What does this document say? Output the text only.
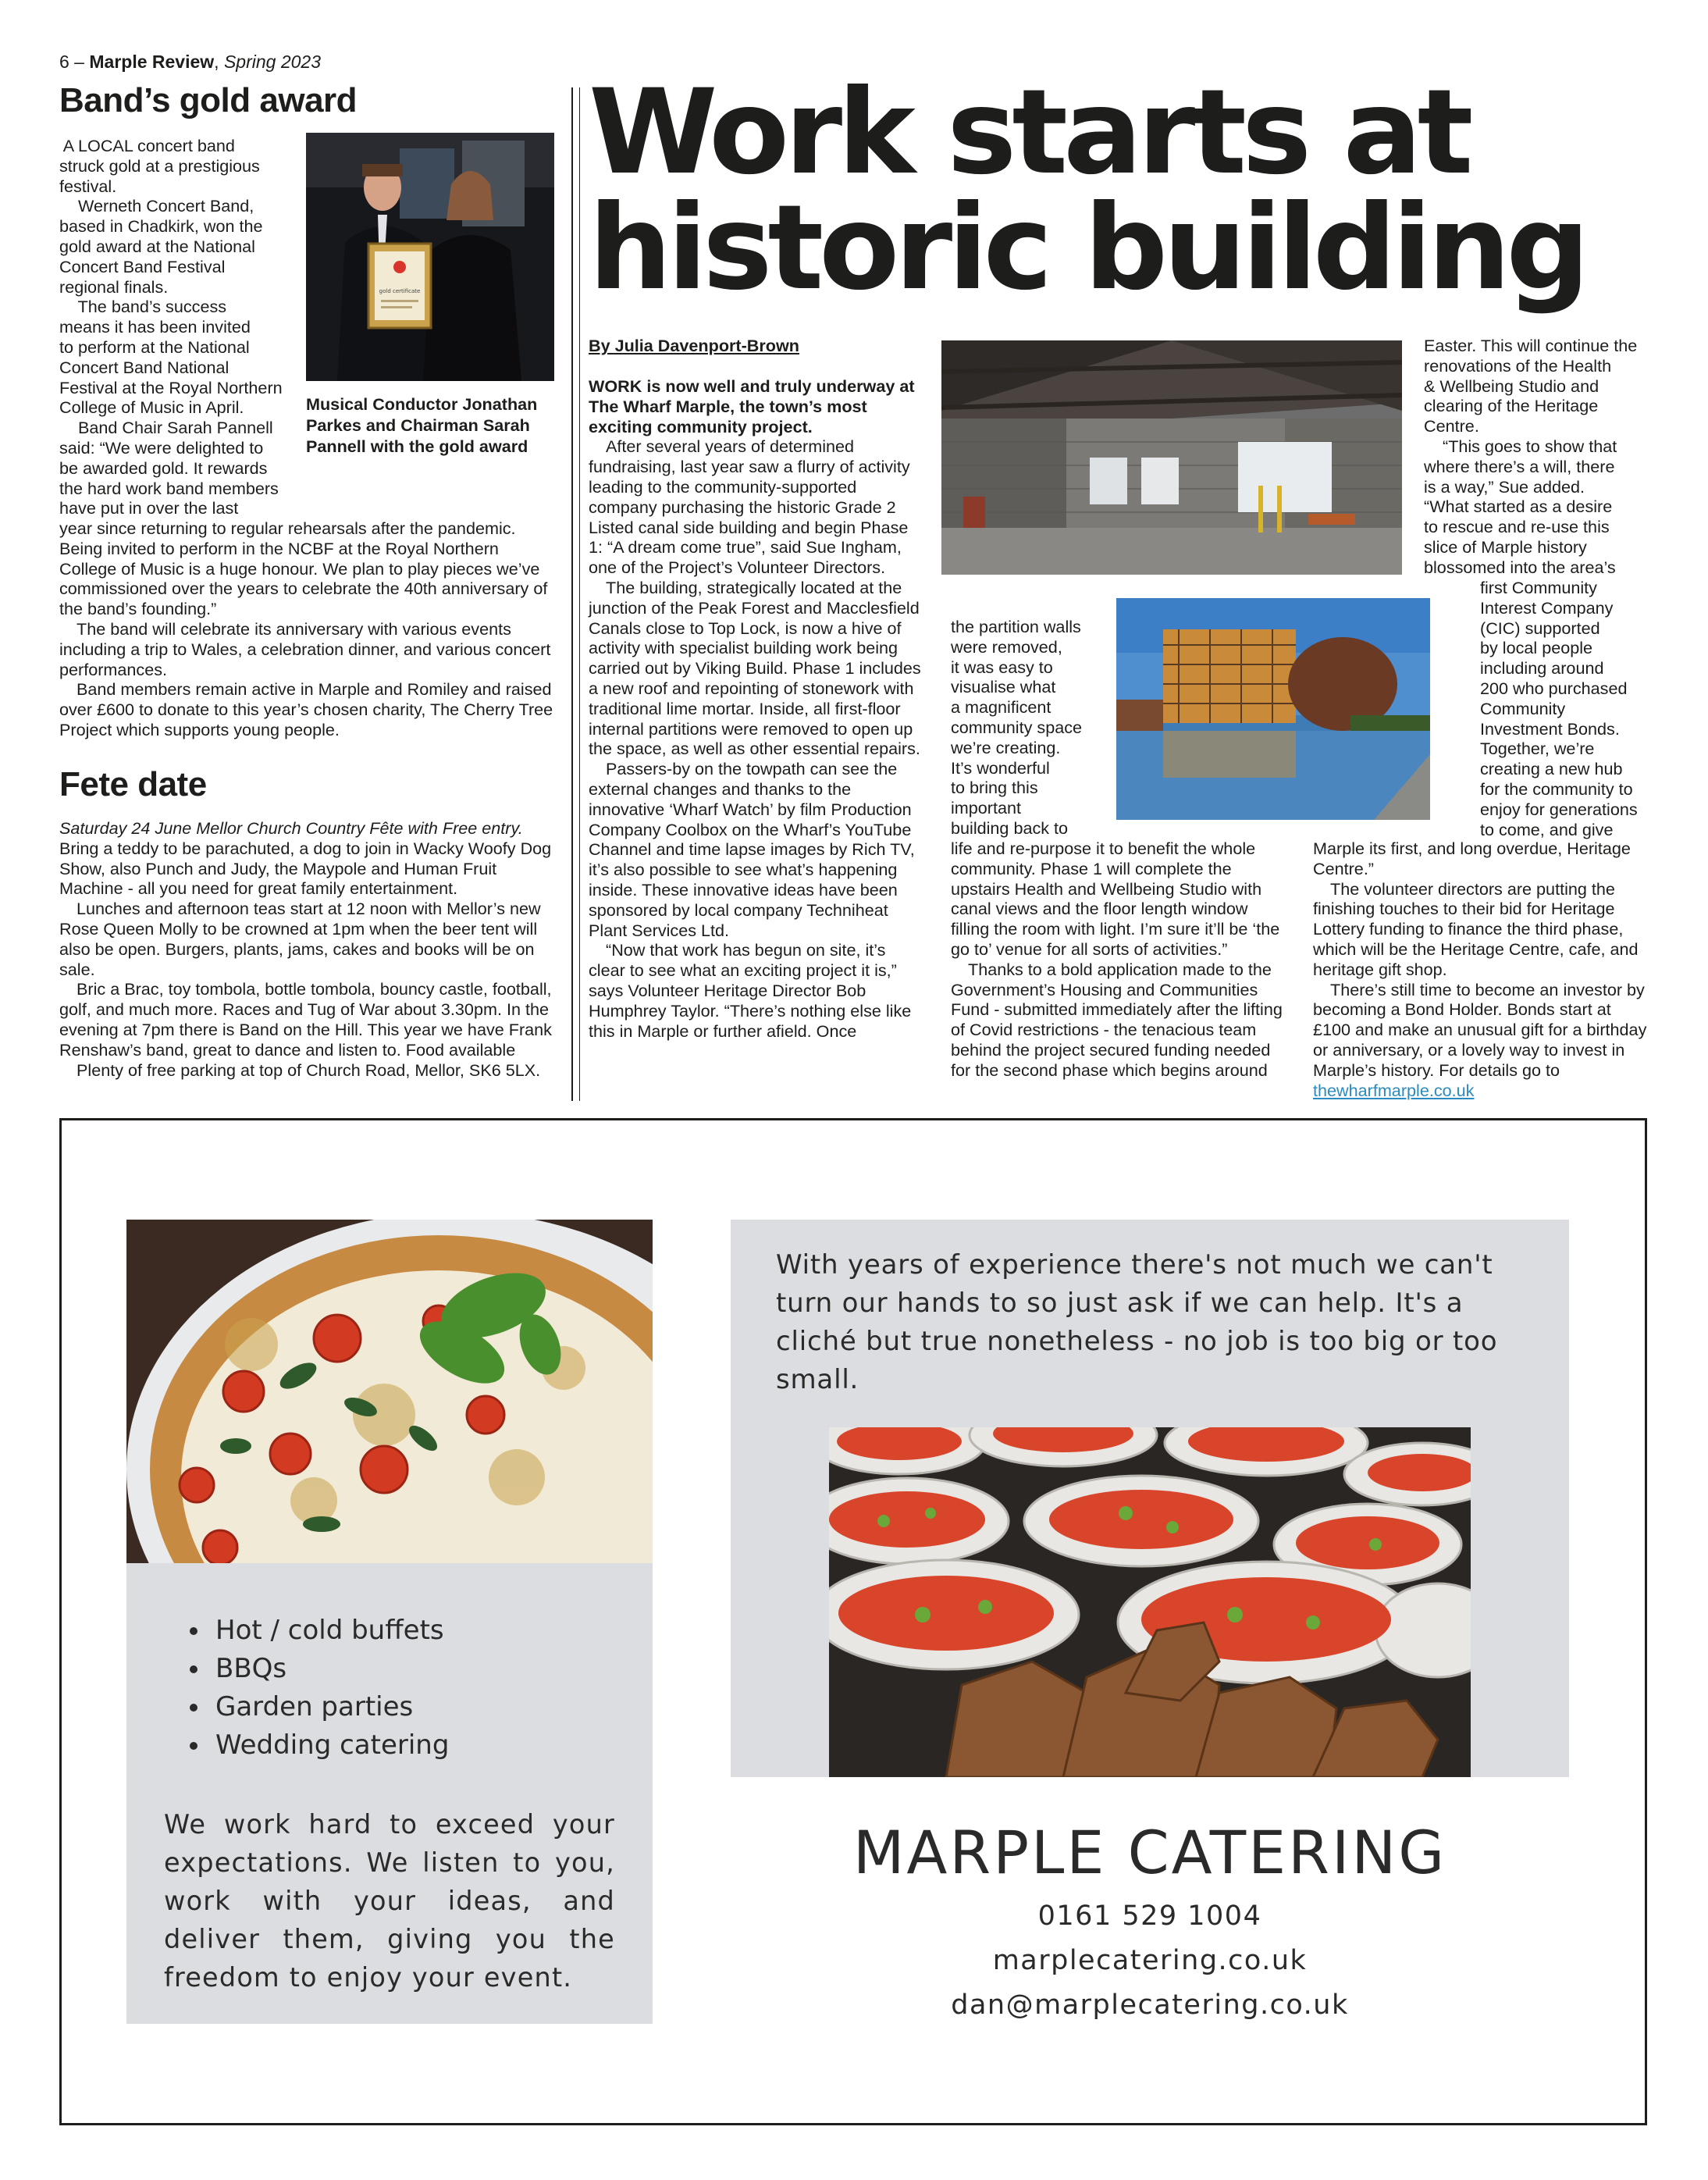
6 – Marple Review, Spring 2023
Band’s gold award
A LOCAL concert band
struck gold at a prestigious
festival.
Werneth Concert Band,
based in Chadkirk, won the
gold award at the National
Concert Band Festival
regional finals.
The band’s success
means it has been invited
to perform at the National
Concert Band National
Festival at the Royal Northern
College of Music in April.
Band Chair Sarah Pannell
said: “We were delighted to
be awarded gold. It rewards
the hard work band members
have put in over the last
gold certificate
Musical Conductor Jonathan Parkes and Chairman Sarah Pannell with the gold award

year since returning to regular rehearsals after the pandemic. Being invited to perform in the NCBF at the Royal Northern College of Music is a huge honour. We plan to play pieces we’ve commissioned over the years to celebrate the 40th anniversary of the band’s founding.”

The band will celebrate its anniversary with various events including a trip to Wales, a celebration dinner, and various concert performances.

Band members remain active in Marple and Romiley and raised over £600 to donate to this year’s chosen charity, The Cherry Tree Project which supports young people.

Fete date

Saturday 24 June Mellor Church Country Fête with Free entry.

Bring a teddy to be parachuted, a dog to join in Wacky Woofy Dog Show, also Punch and Judy, the Maypole and Human Fruit Machine - all you need for great family entertainment.

Lunches and afternoon teas start at 12 noon with Mellor’s new Rose Queen Molly to be crowned at 1pm when the beer tent will also be open. Burgers, plants, jams, cakes and books will be on sale.

Bric a Brac, toy tombola, bottle tombola, bouncy castle, football, golf, and much more. Races and Tug of War about 3.30pm. In the evening at 7pm there is Band on the Hill. This year we have Frank Renshaw’s band, great to dance and listen to. Food available

Plenty of free parking at top of Church Road, Mellor, SK6 5LX.

Work starts at
historic building
By Julia Davenport-Brown

WORK is now well and truly underway at The Wharf Marple, the town’s most exciting community project.

After several years of determined fundraising, last year saw a flurry of activity leading to the community-supported company purchasing the historic Grade 2 Listed canal side building and begin Phase 1: “A dream come true”, said Sue Ingham, one of the Project’s Volunteer Directors.

The building, strategically located at the junction of the Peak Forest and Macclesfield Canals close to Top Lock, is now a hive of activity with specialist building work being carried out by Viking Build. Phase 1 includes a new roof and repointing of stonework with traditional lime mortar. Inside, all first-floor internal partitions were removed to open up the space, as well as other essential repairs.

Passers-by on the towpath can see the external changes and thanks to the innovative ‘Wharf Watch’ by film Production Company Coolbox on the Wharf’s YouTube Channel and time lapse images by Rich TV, it’s also possible to see what’s happening inside. These innovative ideas have been sponsored by local company Techniheat Plant Services Ltd.

“Now that work has begun on site, it’s clear to see what an exciting project it is,” says Volunteer Heritage Director Bob Humphrey Taylor. “There’s nothing else like this in Marple or further afield. Once

the partition walls
were removed,
it was easy to
visualise what
a magnificent
community space
we’re creating.
It’s wonderful
to bring this
important
building back to

life and re-purpose it to benefit the whole community. Phase 1 will complete the upstairs Health and Wellbeing Studio with canal views and the floor length window filling the room with light. I’m sure it’ll be ‘the go to’ venue for all sorts of activities.”

Thanks to a bold application made to the Government’s Housing and Communities Fund - submitted immediately after the lifting of Covid restrictions - the tenacious team behind the project secured funding needed for the second phase which begins around

Easter. This will continue the
renovations of the Health
& Wellbeing Studio and
clearing of the Heritage
Centre.
“This goes to show that
where there’s a will, there
is a way,” Sue added.
“What started as a desire
to rescue and re-use this
slice of Marple history
blossomed into the area’s
first Community
Interest Company
(CIC) supported
by local people
including around
200 who purchased
Community
Investment Bonds.
Together, we’re
creating a new hub
for the community to
enjoy for generations
to come, and give

Marple its first, and long overdue, Heritage Centre.”

The volunteer directors are putting the finishing touches to their bid for Heritage Lottery funding to finance the third phase, which will be the Heritage Centre, cafe, and heritage gift shop.

There’s still time to become an investor by becoming a Bond Holder. Bonds start at £100 and make an unusual gift for a birthday or anniversary, or a lovely way to invest in Marple’s history. For details go to

thewharfmarple.co.uk

• Hot / cold buffets
• BBQs
• Garden parties
• Wedding catering
We work hard to exceed your expectations. We listen to you, work with your ideas, and deliver them, giving you the freedom to enjoy your event.
With years of experience there's not much we can't turn our hands to so just ask if we can help. It's a cliché but true nonetheless - no job is too big or too small.
MARPLE CATERING
0161 529 1004
marplecatering.co.uk
dan@marplecatering.co.uk
